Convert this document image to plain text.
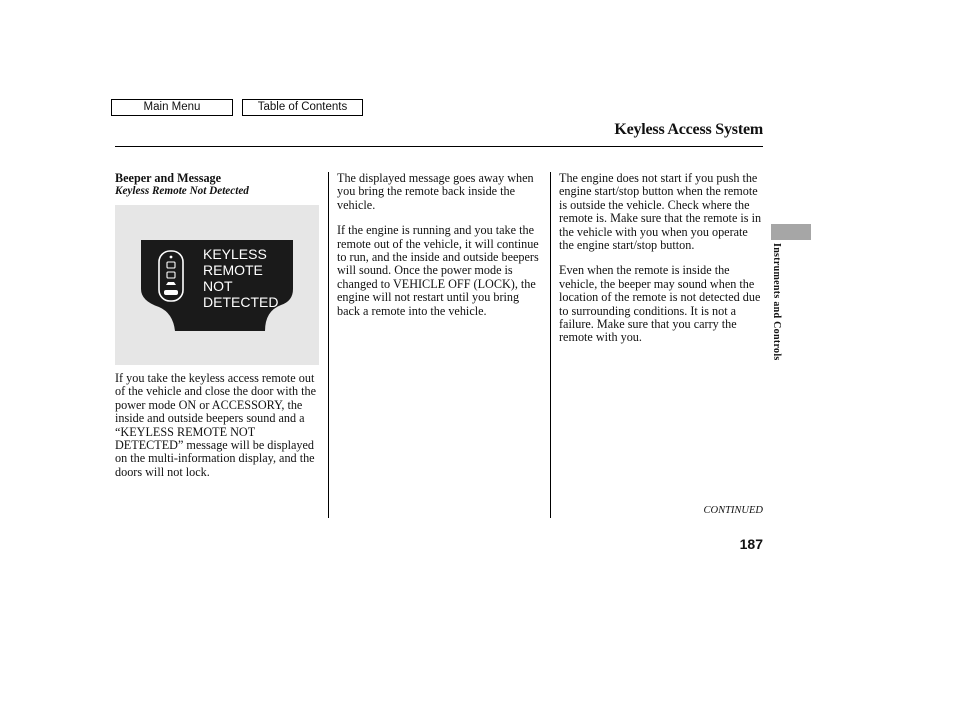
Main Menu	Table of Contents
Keyless Access System
Beeper and Message
Keyless Remote Not Detected
KEYLESS
REMOTE
NOT
DETECTED

If you take the keyless access remote out of the vehicle and close the door with the power mode ON or ACCESSORY, the inside and outside beepers sound and a “KEYLESS REMOTE NOT DETECTED” message will be displayed on the multi-information display, and the doors will not lock.

The displayed message goes away when you bring the remote back inside the vehicle.

If the engine is running and you take the remote out of the vehicle, it will continue to run, and the inside and outside beepers will sound. Once the power mode is changed to VEHICLE OFF (LOCK), the engine will not restart until you bring back a remote into the vehicle.

The engine does not start if you push the engine start/stop button when the remote is outside the vehicle. Check where the remote is. Make sure that the remote is in the vehicle with you when you operate the engine start/stop button.

Even when the remote is inside the vehicle, the beeper may sound when the location of the remote is not detected due to surrounding conditions. It is not a failure. Make sure that you carry the remote with you.	Instruments and Controls
CONTINUED
187
